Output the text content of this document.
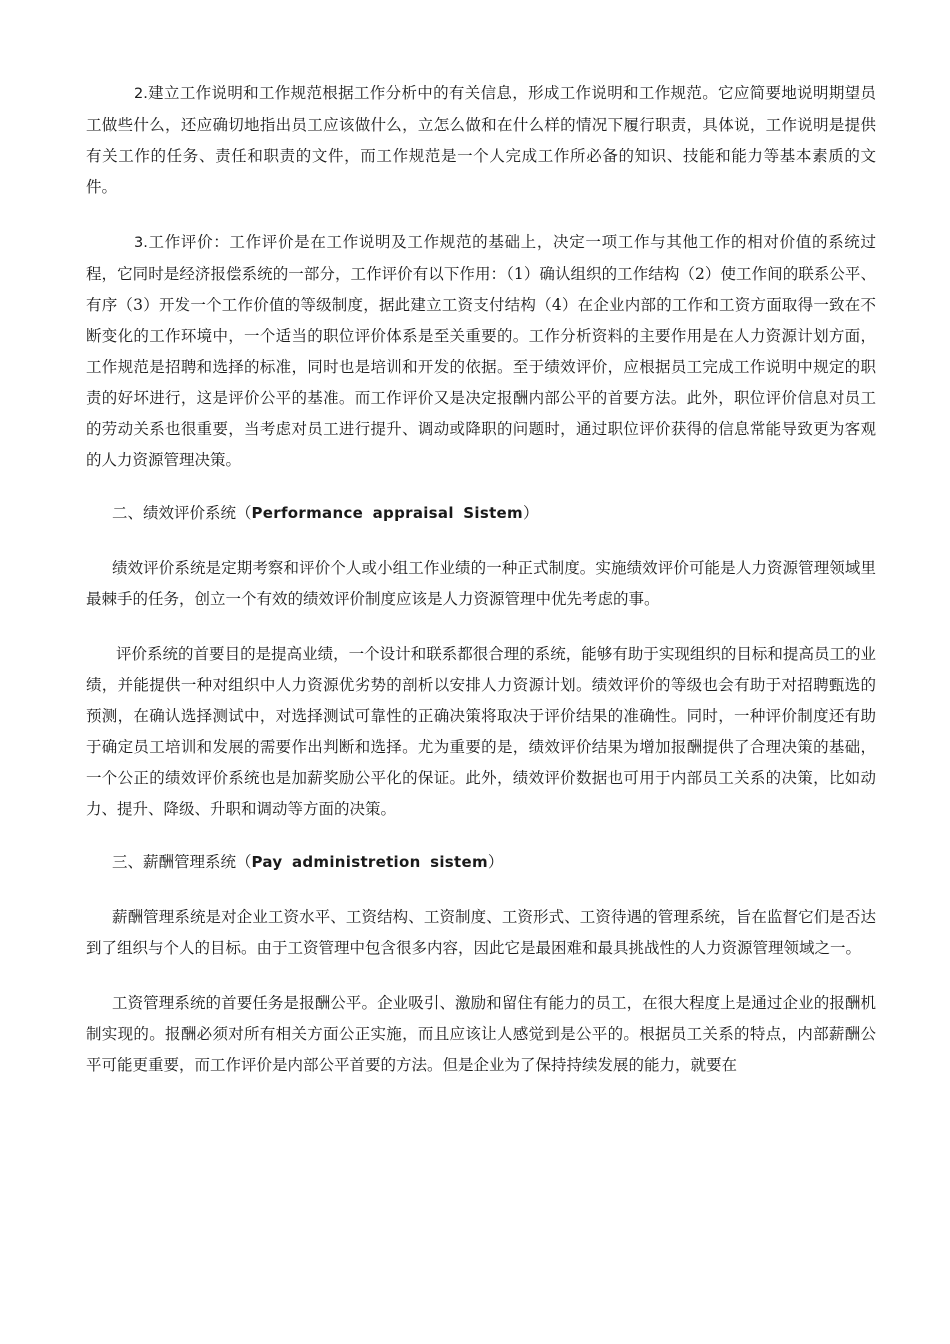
2.建立工作说明和工作规范根据工作分析中的有关信息，形成工作说明和工作规范。它应简要地说明期望员工做些什么，还应确切地指出员工应该做什么，立怎么做和在什么样的情况下履行职责，具体说，工作说明是提供有关工作的任务、责任和职责的文件，而工作规范是一个人完成工作所必备的知识、技能和能力等基本素质的文件。

3.工作评价：工作评价是在工作说明及工作规范的基础上，决定一项工作与其他工作的相对价值的系统过程，它同时是经济报偿系统的一部分，工作评价有以下作用：（1）确认组织的工作结构（2）使工作间的联系公平、有序（3）开发一个工作价值的等级制度，据此建立工资支付结构（4）在企业内部的工作和工资方面取得一致在不断变化的工作环境中，一个适当的职位评价体系是至关重要的。工作分析资料的主要作用是在人力资源计划方面，工作规范是招聘和选择的标准，同时也是培训和开发的依据。至于绩效评价，应根据员工完成工作说明中规定的职责的好坏进行，这是评价公平的基准。而工作评价又是决定报酬内部公平的首要方法。此外，职位评价信息对员工的劳动关系也很重要，当考虑对员工进行提升、调动或降职的问题时，通过职位评价获得的信息常能导致更为客观的人力资源管理决策。

二、绩效评价系统（Performance appraisal Sistem）

绩效评价系统是定期考察和评价个人或小组工作业绩的一种正式制度。实施绩效评价可能是人力资源管理领域里最棘手的任务，创立一个有效的绩效评价制度应该是人力资源管理中优先考虑的事。

评价系统的首要目的是提高业绩，一个设计和联系都很合理的系统，能够有助于实现组织的目标和提高员工的业绩，并能提供一种对组织中人力资源优劣势的剖析以安排人力资源计划。绩效评价的等级也会有助于对招聘甄选的预测，在确认选择测试中，对选择测试可靠性的正确决策将取决于评价结果的准确性。同时，一种评价制度还有助于确定员工培训和发展的需要作出判断和选择。尤为重要的是，绩效评价结果为增加报酬提供了合理决策的基础，一个公正的绩效评价系统也是加薪奖励公平化的保证。此外，绩效评价数据也可用于内部员工关系的决策，比如动力、提升、降级、升职和调动等方面的决策。

三、薪酬管理系统（Pay administretion sistem）

薪酬管理系统是对企业工资水平、工资结构、工资制度、工资形式、工资待遇的管理系统，旨在监督它们是否达到了组织与个人的目标。由于工资管理中包含很多内容，因此它是最困难和最具挑战性的人力资源管理领域之一。

工资管理系统的首要任务是报酬公平。企业吸引、激励和留住有能力的员工，在很大程度上是通过企业的报酬机制实现的。报酬必须对所有相关方面公正实施，而且应该让人感觉到是公平的。根据员工关系的特点，内部薪酬公平可能更重要，而工作评价是内部公平首要的方法。但是企业为了保持持续发展的能力，就要在
